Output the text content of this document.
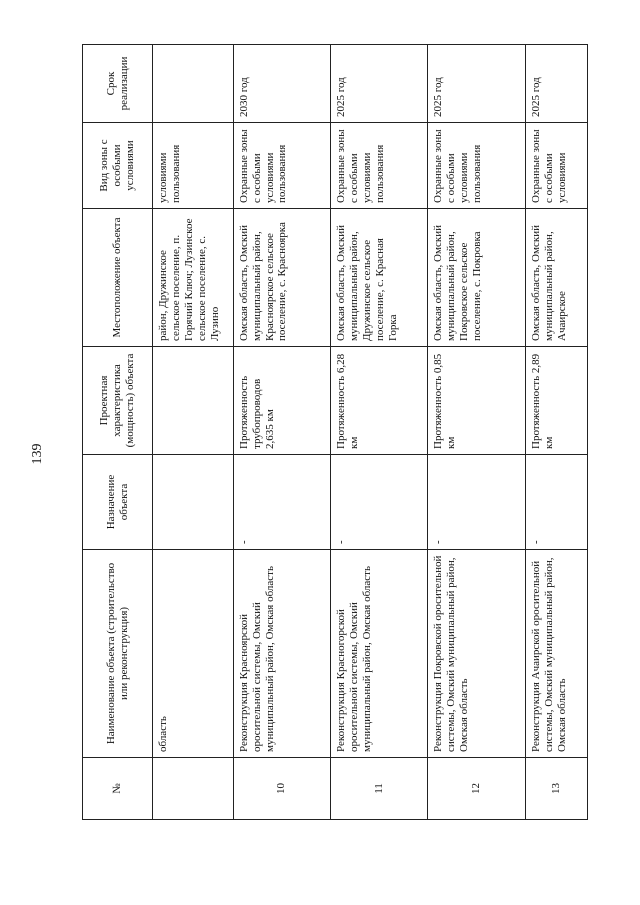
139
№	Наименование объекта (строительство или реконструкция)	Назначение объекта	Проектная характеристика (мощность) объекта	Местоположение объекта	Вид зоны с особыми условиями	Срок реализации
	область			район, Дружинское сельское поселение, п. Горячий Ключ; Лузинское сельское поселение, с. Лузино	условиями пользования	
10	Реконструкция Красноярской оросительной системы, Омский муниципальный район, Омская область	-	Протяженность трубопроводов 2,635 км	Омская область, Омский муниципальный район, Красноярское сельское поселение, с. Красноярка	Охранные зоны с особыми условиями пользования	2030 год
11	Реконструкция Красногорской оросительной системы, Омский муниципальный район, Омская область	-	Протяженность 6,28 км	Омская область, Омский муниципальный район, Дружинское сельское поселение, с. Красная Горка	Охранные зоны с особыми условиями пользования	2025 год
12	Реконструкция Покровской оросительной системы, Омский муниципальный район, Омская область	-	Протяженность 0,85 км	Омская область, Омский муниципальный район, Покровское сельское поселение, с. Покровка	Охранные зоны с особыми условиями пользования	2025 год
13	Реконструкция Ачаирской оросительной системы, Омский муниципальный район, Омская область	-	Протяженность 2,89 км	Омская область, Омский муниципальный район, Ачаирское	Охранные зоны с особыми условиями	2025 год
